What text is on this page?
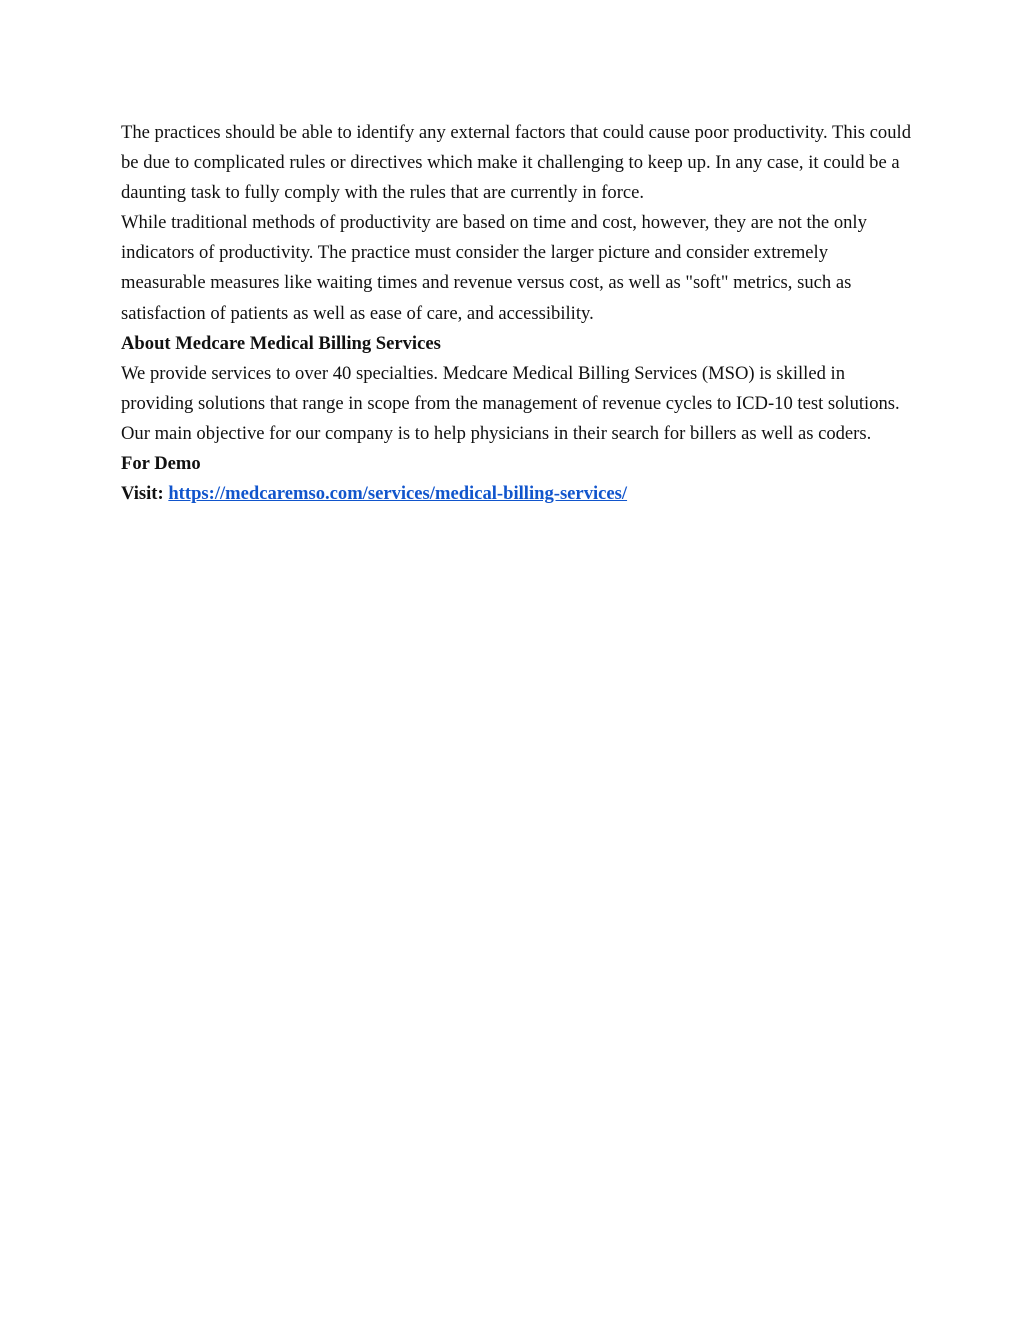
The practices should be able to identify any external factors that could cause poor productivity. This could be due to complicated rules or directives which make it challenging to keep up. In any case, it could be a daunting task to fully comply with the rules that are currently in force.

While traditional methods of productivity are based on time and cost, however, they are not the only indicators of productivity. The practice must consider the larger picture and consider extremely measurable measures like waiting times and revenue versus cost, as well as "soft" metrics, such as satisfaction of patients as well as ease of care, and accessibility.

About Medcare Medical Billing Services

We provide services to over 40 specialties. Medcare Medical Billing Services (MSO) is skilled in providing solutions that range in scope from the management of revenue cycles to ICD-10 test solutions. Our main objective for our company is to help physicians in their search for billers as well as coders.

For Demo

Visit: https://medcaremso.com/services/medical-billing-services/
